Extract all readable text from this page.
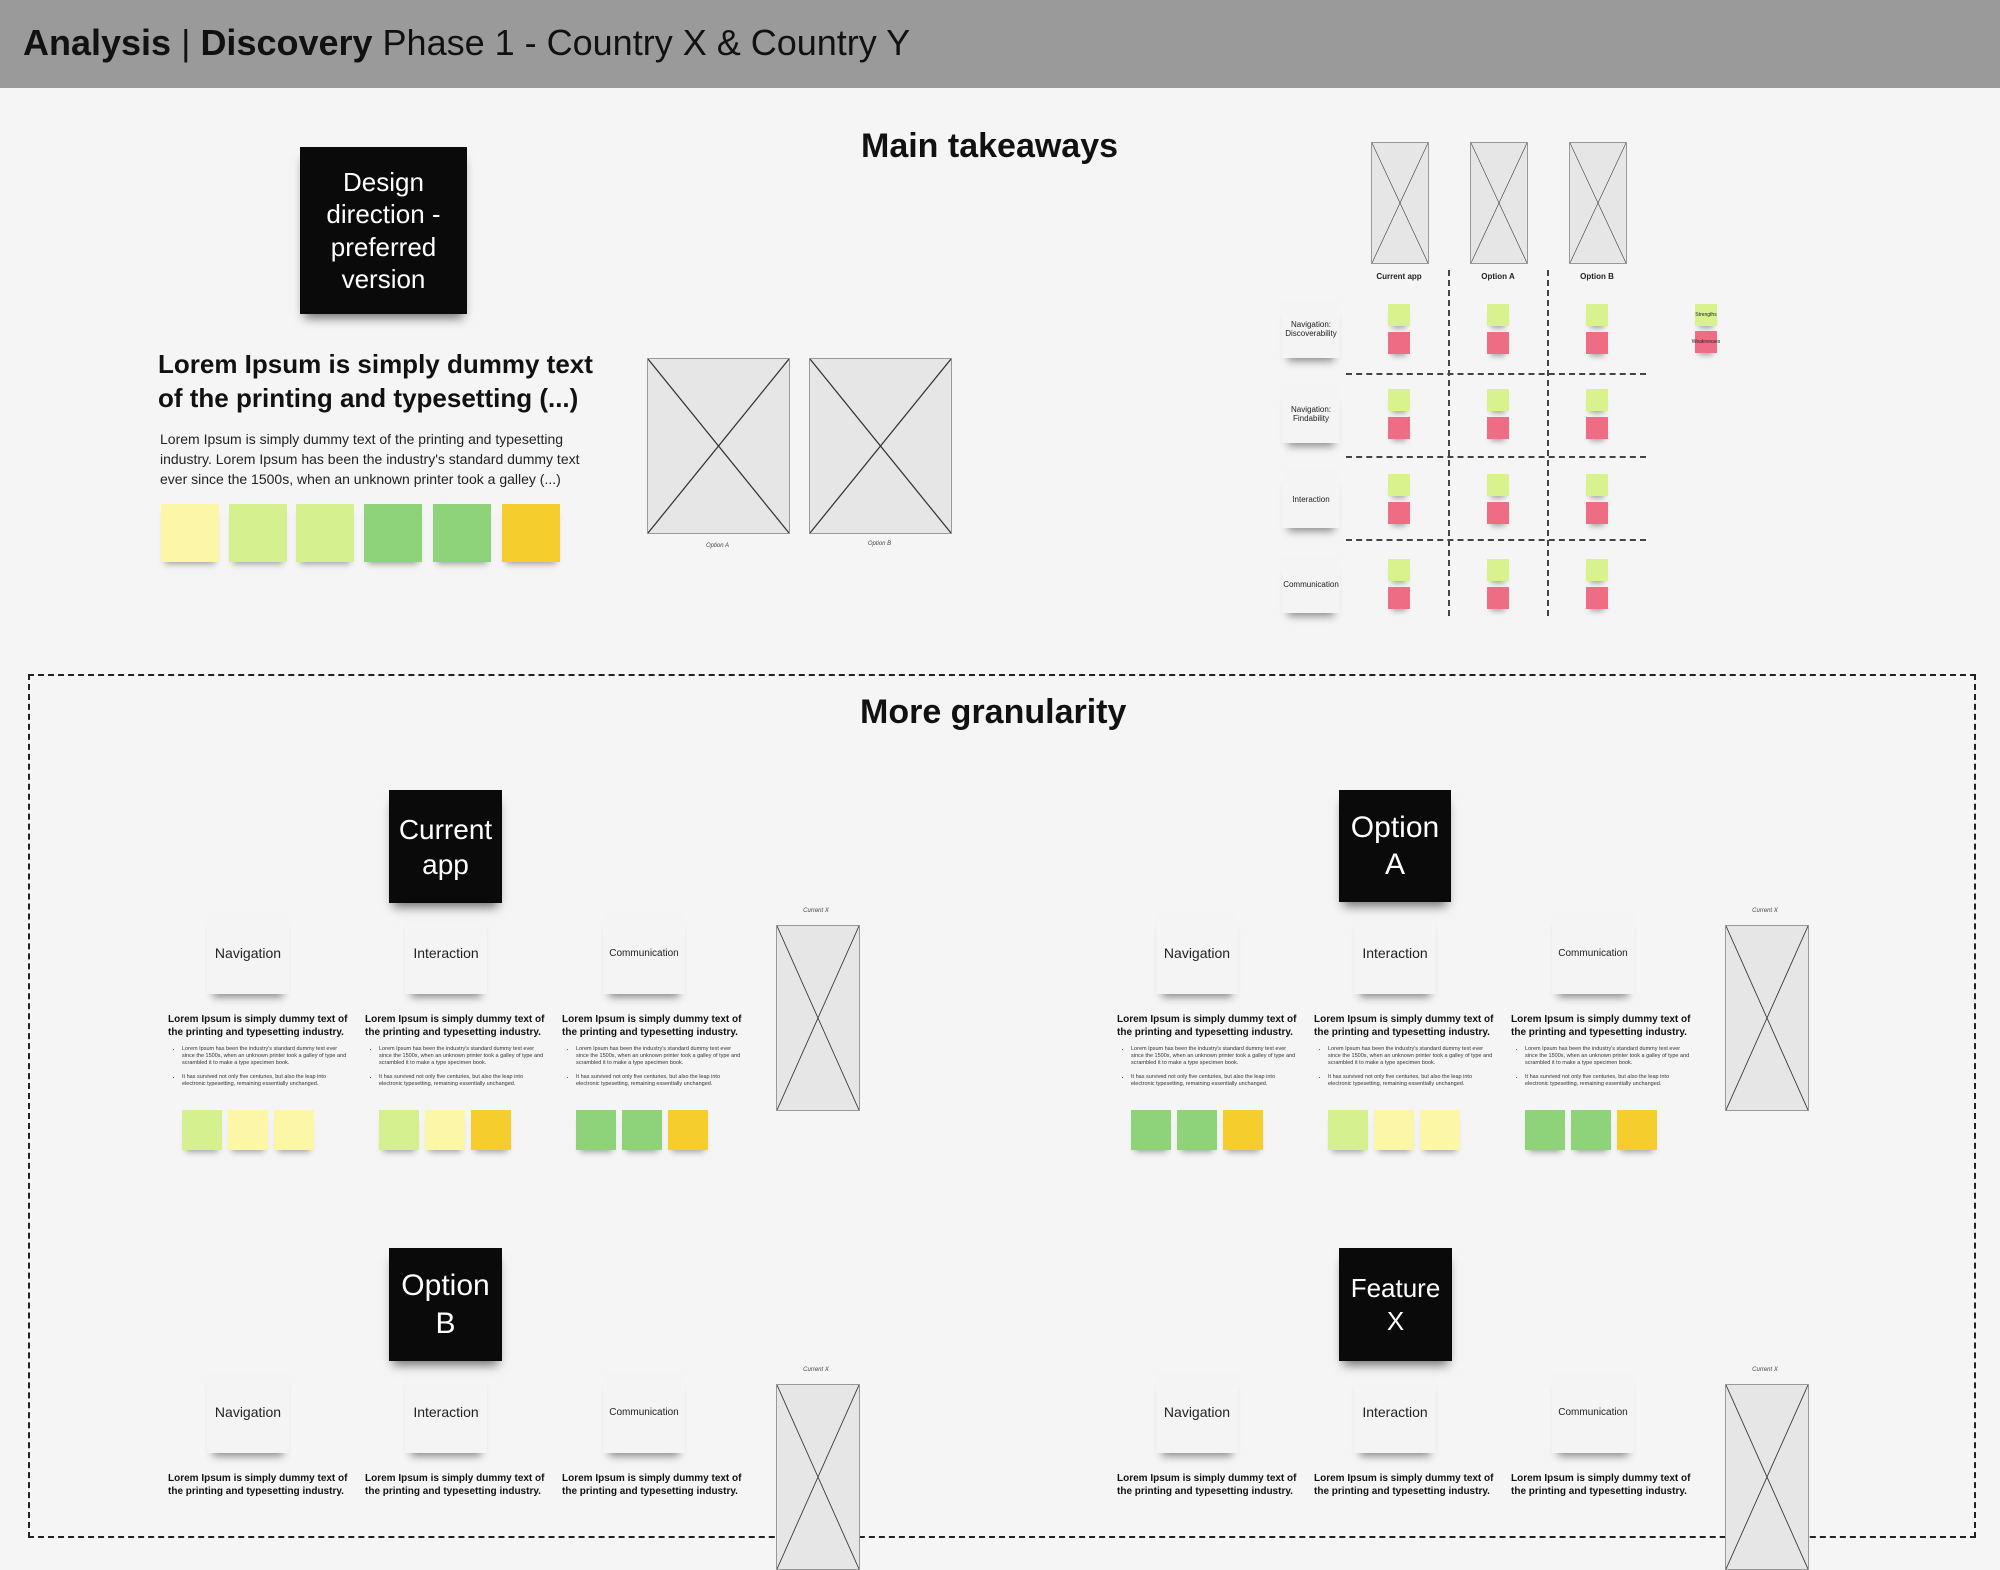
Analysis | Discovery Phase 1 - Country X & Country Y
Main takeaways
Design
direction -
preferred
version
Lorem Ipsum is simply dummy text of the printing and typesetting (...)
Lorem Ipsum is simply dummy text of the printing and typesetting industry. Lorem Ipsum has been the industry's standard dummy text ever since the 1500s, when an unknown printer took a galley (...)
Option A	Option B
Current app	Option A	Option B
Navigation:
Discoverability
Navigation:
Findability
Interaction
Communication
Strengths
Weaknesses
More granularity
Navigation
Lorem Ipsum is simply dummy text of the printing and typesetting industry.
• Lorem Ipsum has been the industry's standard dummy text ever since the 1500s, when an unknown printer took a galley of type and scrambled it to make a type specimen book.
• It has survived not only five centuries, but also the leap into electronic typesetting, remaining essentially unchanged.
Interaction
Lorem Ipsum is simply dummy text of the printing and typesetting industry.
• Lorem Ipsum has been the industry's standard dummy text ever since the 1500s, when an unknown printer took a galley of type and scrambled it to make a type specimen book.
• It has survived not only five centuries, but also the leap into electronic typesetting, remaining essentially unchanged.
Communication
Lorem Ipsum is simply dummy text of the printing and typesetting industry.
• Lorem Ipsum has been the industry's standard dummy text ever since the 1500s, when an unknown printer took a galley of type and scrambled it to make a type specimen book.
• It has survived not only five centuries, but also the leap into electronic typesetting, remaining essentially unchanged.
Current
app
Current X
Navigation
Lorem Ipsum is simply dummy text of the printing and typesetting industry.
• Lorem Ipsum has been the industry's standard dummy text ever since the 1500s, when an unknown printer took a galley of type and scrambled it to make a type specimen book.
• It has survived not only five centuries, but also the leap into electronic typesetting, remaining essentially unchanged.
Interaction
Lorem Ipsum is simply dummy text of the printing and typesetting industry.
• Lorem Ipsum has been the industry's standard dummy text ever since the 1500s, when an unknown printer took a galley of type and scrambled it to make a type specimen book.
• It has survived not only five centuries, but also the leap into electronic typesetting, remaining essentially unchanged.
Communication
Lorem Ipsum is simply dummy text of the printing and typesetting industry.
• Lorem Ipsum has been the industry's standard dummy text ever since the 1500s, when an unknown printer took a galley of type and scrambled it to make a type specimen book.
• It has survived not only five centuries, but also the leap into electronic typesetting, remaining essentially unchanged.
Option
A
Current X
Navigation
Lorem Ipsum is simply dummy text of the printing and typesetting industry.
Interaction
Lorem Ipsum is simply dummy text of the printing and typesetting industry.
Communication
Lorem Ipsum is simply dummy text of the printing and typesetting industry.
Option
B
Current X
Navigation
Lorem Ipsum is simply dummy text of the printing and typesetting industry.
Interaction
Lorem Ipsum is simply dummy text of the printing and typesetting industry.
Communication
Lorem Ipsum is simply dummy text of the printing and typesetting industry.
Feature
X
Current X
